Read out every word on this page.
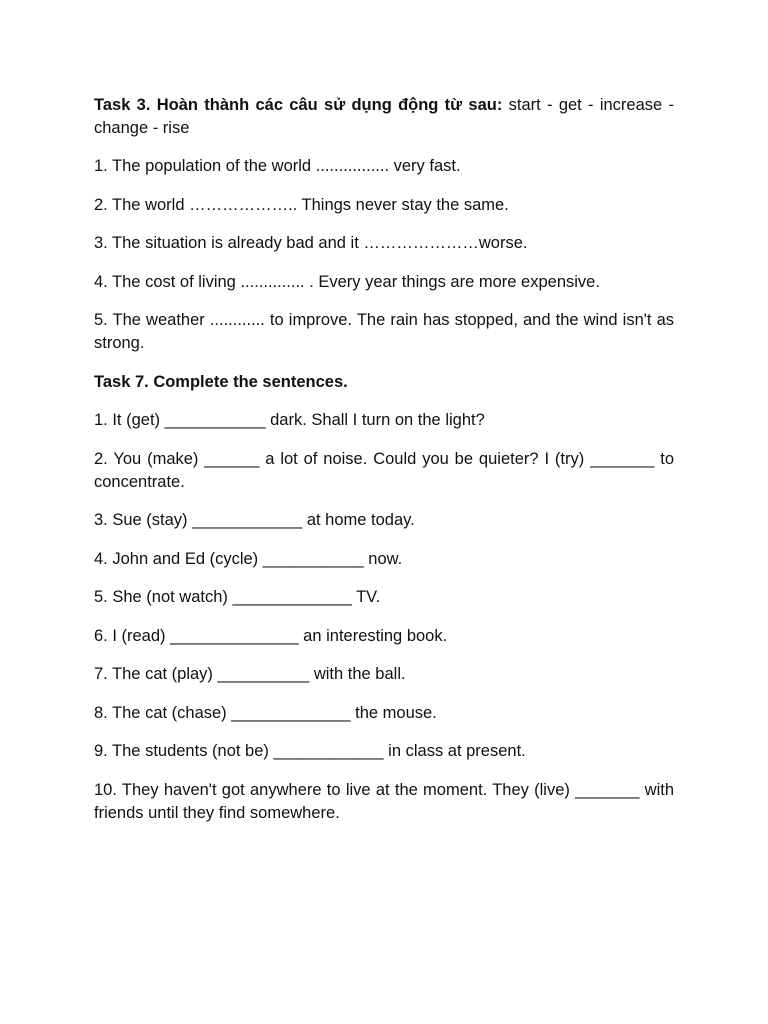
Task 3. Hoàn thành các câu sử dụng động từ sau: start - get - increase - change - rise

1. The population of the world ................ very fast.

2. The world ……………….. Things never stay the same.

3. The situation is already bad and it …………………worse.

4. The cost of living .............. . Every year things are more expensive.

5. The weather ............ to improve. The rain has stopped, and the wind isn't as strong.

Task 7. Complete the sentences.

1. It (get) ___________ dark. Shall I turn on the light?

2. You (make) ______ a lot of noise. Could you be quieter? I (try) _______ to concentrate.

3. Sue (stay) ____________ at home today.

4. John and Ed (cycle) ___________ now.

5. She (not watch) _____________ TV.

6. I (read) ______________ an interesting book.

7. The cat (play) __________ with the ball.

8. The cat (chase) _____________ the mouse.

9. The students (not be) ____________ in class at present.

10. They haven't got anywhere to live at the moment. They (live) _______ with friends until they find somewhere.
